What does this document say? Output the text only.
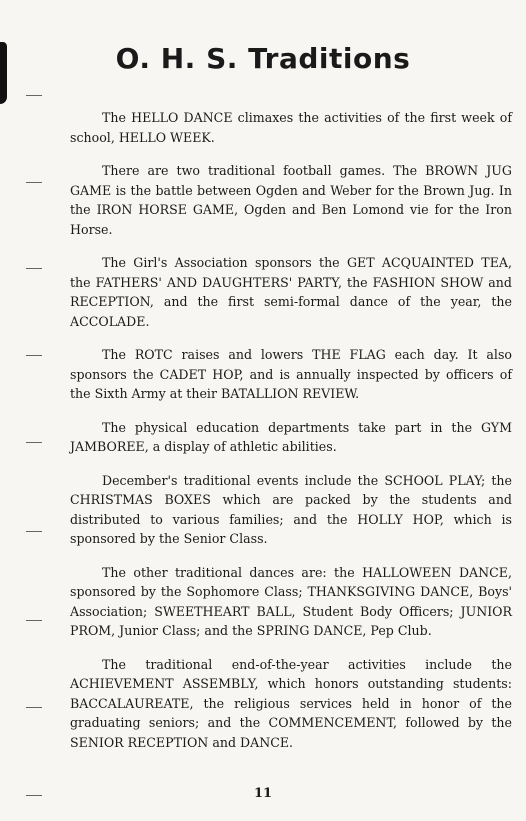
O. H. S. Traditions

The HELLO DANCE climaxes the activities of the first week of school, HELLO WEEK.

There are two traditional football games. The BROWN JUG GAME is the battle between Ogden and Weber for the Brown Jug. In the IRON HORSE GAME, Ogden and Ben Lomond vie for the Iron Horse.

The Girl's Association sponsors the GET ACQUAINTED TEA, the FATHERS' AND DAUGHTERS' PARTY, the FASHION SHOW and RECEPTION, and the first semi-formal dance of the year, the ACCOLADE.

The ROTC raises and lowers THE FLAG each day. It also sponsors the CADET HOP, and is annually inspected by officers of the Sixth Army at their BATALLION REVIEW.

The physical education departments take part in the GYM JAMBOREE, a display of athletic abilities.

December's traditional events include the SCHOOL PLAY; the CHRISTMAS BOXES which are packed by the students and distributed to various families; and the HOLLY HOP, which is sponsored by the Senior Class.

The other traditional dances are: the HALLOWEEN DANCE, sponsored by the Sophomore Class; THANKSGIVING DANCE, Boys' Association; SWEETHEART BALL, Student Body Officers; JUNIOR PROM, Junior Class; and the SPRING DANCE, Pep Club.

The traditional end-of-the-year activities include the ACHIEVEMENT ASSEMBLY, which honors outstanding students: BACCALAUREATE, the religious services held in honor of the graduating seniors; and the COMMENCEMENT, followed by the SENIOR RECEPTION and DANCE.

11
